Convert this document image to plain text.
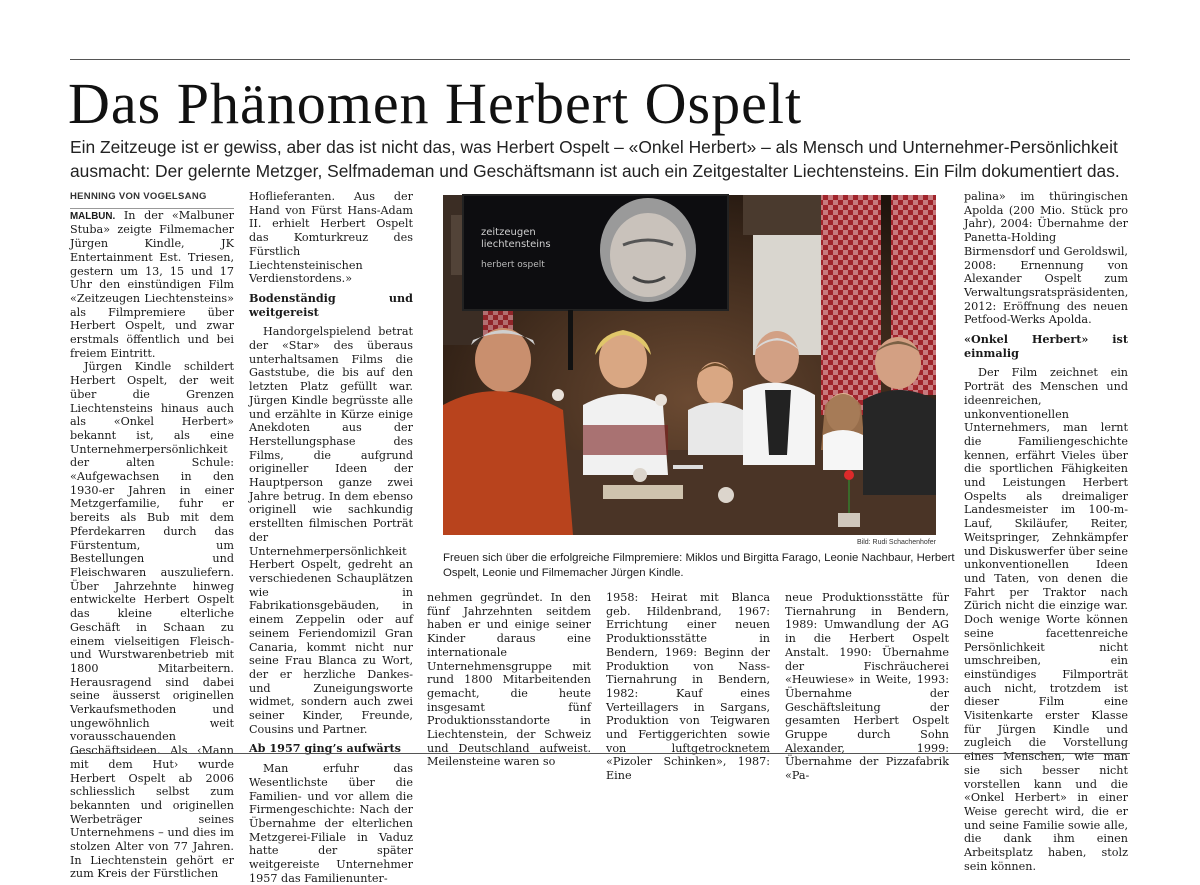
Das Phänomen Herbert Ospelt

Ein Zeitzeuge ist er gewiss, aber das ist nicht das, was Herbert Ospelt – «Onkel Herbert» – als Mensch und Unternehmer-Persönlichkeit ausmacht: Der gelernte Metzger, Selfmademan und Geschäftsmann ist auch ein Zeitgestalter Liechtensteins. Ein Film dokumentiert das.

HENNING VON VOGELSANG

MALBUN. In der «Malbuner Stuba» zeigte Filmemacher Jürgen Kindle, JK Entertainment Est. Triesen, gestern um 13, 15 und 17 Uhr den einstündigen Film «Zeitzeugen Liechtensteins» als Filmpremiere über Herbert Ospelt, und zwar erstmals öffentlich und bei freiem Eintritt.

Jürgen Kindle schildert Herbert Ospelt, der weit über die Grenzen Liechtensteins hinaus auch als «Onkel Herbert» bekannt ist, als eine Unternehmerpersönlichkeit der alten Schule: «Aufgewachsen in den 1930-er Jahren in einer Metzgerfamilie, fuhr er bereits als Bub mit dem Pferdekarren durch das Fürstentum, um Bestellungen und Fleischwaren auszuliefern. Über Jahrzehnte hinweg entwickelte Herbert Ospelt das kleine elterliche Geschäft in Schaan zu einem vielseitigen Fleisch- und Wurstwarenbetrieb mit 1800 Mitarbeitern. Herausragend sind dabei seine äusserst originellen Verkaufsmethoden und ungewöhnlich weit vorausschauenden Geschäftsideen. Als ‹Mann mit dem Hut› wurde Herbert Ospelt ab 2006 schliesslich selbst zum bekannten und originellen Werbeträger seines Unternehmens – und dies im stolzen Alter von 77 Jahren. In Liechtenstein gehört er zum Kreis der Fürstlichen

Hoflieferanten. Aus der Hand von Fürst Hans-Adam II. erhielt Herbert Ospelt das Komturkreuz des Fürstlich Liechtensteinischen Verdienstordens.»

Bodenständig und weitgereist

Handorgelspielend betrat der «Star» des überaus unterhaltsamen Films die Gaststube, die bis auf den letzten Platz gefüllt war. Jürgen Kindle begrüsste alle und erzählte in Kürze einige Anekdoten aus der Herstellungsphase des Films, die aufgrund origineller Ideen der Hauptperson ganze zwei Jahre betrug. In dem ebenso originell wie sachkundig erstellten filmischen Porträt der Unternehmerpersönlichkeit Herbert Ospelt, gedreht an verschiedenen Schauplätzen wie in Fabrikationsgebäuden, in einem Zeppelin oder auf seinem Feriendomizil Gran Canaria, kommt nicht nur seine Frau Blanca zu Wort, der er herzliche Dankes- und Zuneigungsworte widmet, sondern auch zwei seiner Kinder, Freunde, Cousins und Partner.

Ab 1957 ging’s aufwärts

Man erfuhr das Wesentlichste über die Familien- und vor allem die Firmengeschichte: Nach der Übernahme der elterlichen Metzgerei-Filiale in Vaduz hatte der später weitgereiste Unternehmer 1957 das Familienunter-

zeitzeugen
liechtensteins
herbert ospelt
Bild: Rudi Schachenhofer

Freuen sich über die erfolgreiche Filmpremiere: Miklos und Birgitta Farago, Leonie Nachbaur, Herbert Ospelt, Leonie und Filmemacher Jürgen Kindle.

nehmen gegründet. In den fünf Jahrzehnten seitdem haben er und einige seiner Kinder daraus eine internationale Unternehmensgruppe mit rund 1800 Mitarbeitenden gemacht, die heute insgesamt fünf Produktionsstandorte in Liechtenstein, der Schweiz und Deutschland aufweist. Meilensteine waren so

1958: Heirat mit Blanca geb. Hildenbrand, 1967: Errichtung einer neuen Produktionsstätte in Bendern, 1969: Beginn der Produktion von Nass-Tiernahrung in Bendern, 1982: Kauf eines Verteillagers in Sargans, Produktion von Teigwaren und Fertiggerichten sowie von luftgetrocknetem «Pizoler Schinken», 1987: Eine

neue Produktionsstätte für Tiernahrung in Bendern, 1989: Umwandlung der AG in die Herbert Ospelt Anstalt. 1990: Übernahme der Fischräucherei «Heuwiese» in Weite, 1993: Übernahme der Geschäftsleitung der gesamten Herbert Ospelt Gruppe durch Sohn Alexander, 1999: Übernahme der Pizzafabrik «Pa-

palina» im thüringischen Apolda (200 Mio. Stück pro Jahr), 2004: Übernahme der Panetta-Holding Birmensdorf und Geroldswil, 2008: Ernennung von Alexander Ospelt zum Verwaltungsratspräsidenten, 2012: Eröffnung des neuen Petfood-Werks Apolda.

«Onkel Herbert» ist einmalig

Der Film zeichnet ein Porträt des Menschen und ideenreichen, unkonventionellen Unternehmers, man lernt die Familiengeschichte kennen, erfährt Vieles über die sportlichen Fähigkeiten und Leistungen Herbert Ospelts als dreimaliger Landesmeister im 100-m-Lauf, Skiläufer, Reiter, Weitspringer, Zehnkämpfer und Diskuswerfer über seine unkonventionellen Ideen und Taten, von denen die Fahrt per Traktor nach Zürich nicht die einzige war. Doch wenige Worte können seine facettenreiche Persönlichkeit nicht umschreiben, ein einstündiges Filmporträt auch nicht, trotzdem ist dieser Film eine Visitenkarte erster Klasse für Jürgen Kindle und zugleich die Vorstellung eines Menschen, wie man sie sich besser nicht vorstellen kann und die «Onkel Herbert» in einer Weise gerecht wird, die er und seine Familie sowie alle, die dank ihm einen Arbeitsplatz haben, stolz sein können.
